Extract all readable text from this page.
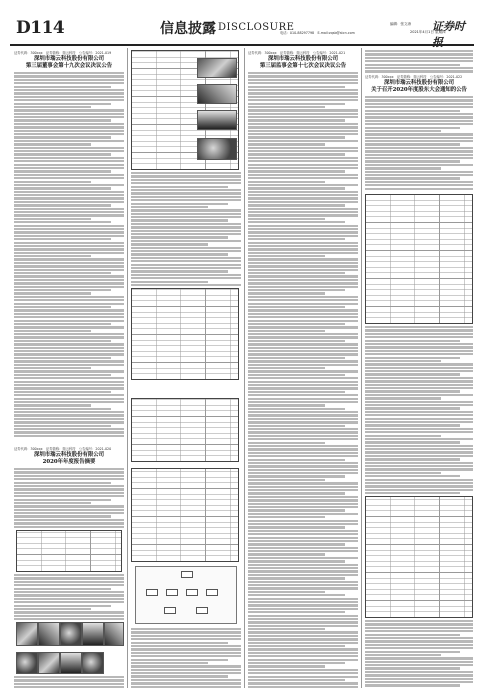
D114	信息披露 DISCLOSURE
电话：010-88297798　E-mail:zqsb@stcn.com
编辑：张文涛 证券时报
2021年4月1日 星期四
证券代码：300xxx　证券简称：瑞云科技　公告编号：2021-019
深圳市瑞云科技股份有限公司
第三届董事会第十九次会议决议公告
证券代码：300xxx　证券简称：瑞云科技　公告编号：2021-020
深圳市瑞云科技股份有限公司
2020年年度报告摘要
证券代码：300xxx　证券简称：瑞云科技　公告编号：2021-021
深圳市瑞云科技股份有限公司
第三届监事会第十七次会议决议公告
证券代码：300xxx　证券简称：瑞云科技　公告编号：2021-022
深圳市瑞云科技股份有限公司
关于召开2020年度股东大会通知的公告
